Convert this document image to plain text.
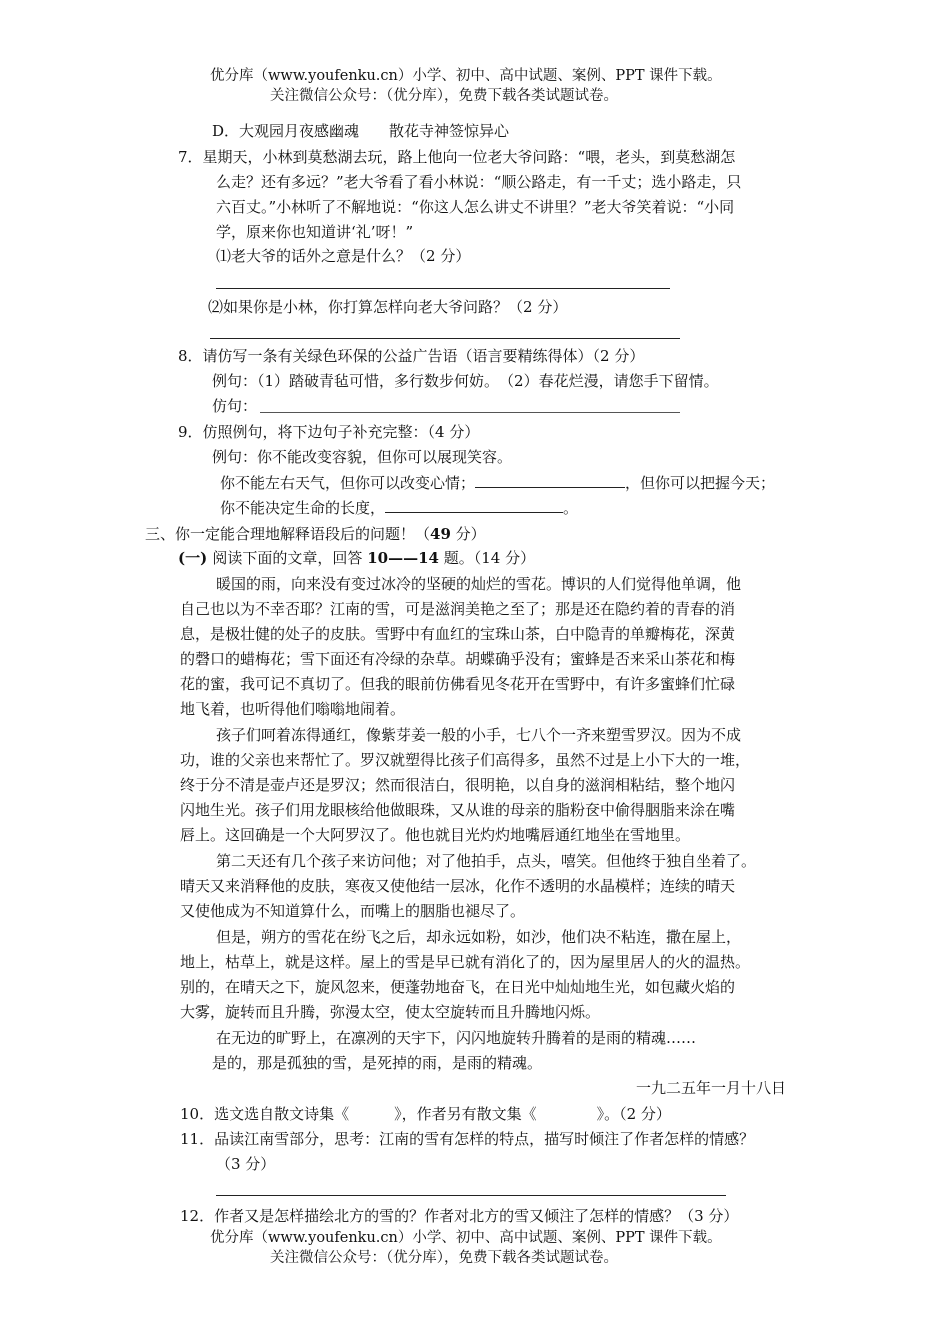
优分库（www.youfenku.cn）小学、初中、高中试题、案例、PPT 课件下载。
关注微信公众号：（优分库），免费下载各类试题试卷。
D．大观园月夜感幽魂　　散花寺神签惊异心
7．星期天，小林到莫愁湖去玩，路上他向一位老大爷问路：“喂，老头，到莫愁湖怎
么走？还有多远？”老大爷看了看小林说：“顺公路走，有一千丈；选小路走，只
六百丈。”小林听了不解地说：“你这人怎么讲丈不讲里？”老大爷笑着说：“小同
学，原来你也知道讲‘礼’呀！”
⑴老大爷的话外之意是什么？（2 分）
⑵如果你是小林，你打算怎样向老大爷问路？（2 分）
8．请仿写一条有关绿色环保的公益广告语（语言要精练得体）（2 分）
例句：（1）踏破青毡可惜，多行数步何妨。　（2）春花烂漫，请您手下留情。
仿句：
9．仿照例句，将下边句子补充完整：（4 分）
例句：你不能改变容貌，但你可以展现笑容。
你不能左右天气，但你可以改变心情；	，但你可以把握今天；
你不能决定生命的长度，	。
三、你一定能合理地解释语段后的问题！（49 分）
(一) 阅读下面的文章，回答 10——14 题。（14 分）
暖国的雨，向来没有变过冰冷的坚硬的灿烂的雪花。博识的人们觉得他单调，他
自己也以为不幸否耶？江南的雪，可是滋润美艳之至了；那是还在隐约着的青春的消
息，是极壮健的处子的皮肤。雪野中有血红的宝珠山茶，白中隐青的单瓣梅花，深黄
的磬口的蜡梅花；雪下面还有冷绿的杂草。胡蝶确乎没有；蜜蜂是否来采山茶花和梅
花的蜜，我可记不真切了。但我的眼前仿佛看见冬花开在雪野中，有许多蜜蜂们忙碌
地飞着，也听得他们嗡嗡地闹着。
孩子们呵着冻得通红，像紫芽姜一般的小手，七八个一齐来塑雪罗汉。因为不成
功，谁的父亲也来帮忙了。罗汉就塑得比孩子们高得多，虽然不过是上小下大的一堆，
终于分不清是壶卢还是罗汉；然而很洁白，很明艳，以自身的滋润相粘结，整个地闪
闪地生光。孩子们用龙眼核给他做眼珠，又从谁的母亲的脂粉奁中偷得胭脂来涂在嘴
唇上。这回确是一个大阿罗汉了。他也就目光灼灼地嘴唇通红地坐在雪地里。
第二天还有几个孩子来访问他；对了他拍手，点头，嘻笑。但他终于独自坐着了。
晴天又来消释他的皮肤，寒夜又使他结一层冰，化作不透明的水晶模样；连续的晴天
又使他成为不知道算什么，而嘴上的胭脂也褪尽了。
但是，朔方的雪花在纷飞之后，却永远如粉，如沙，他们决不粘连，撒在屋上，
地上，枯草上，就是这样。屋上的雪是早已就有消化了的，因为屋里居人的火的温热。
别的，在晴天之下，旋风忽来，便蓬勃地奋飞，在日光中灿灿地生光，如包藏火焰的
大雾，旋转而且升腾，弥漫太空，使太空旋转而且升腾地闪烁。
在无边的旷野上，在凛冽的天宇下，闪闪地旋转升腾着的是雨的精魂……
是的，那是孤独的雪，是死掉的雨，是雨的精魂。
一九二五年一月十八日
10．选文选自散文诗集《　　　》，作者另有散文集《　　　　》。（2 分）
11．品读江南雪部分，思考：江南的雪有怎样的特点，描写时倾注了作者怎样的情感？
（3 分）
12．作者又是怎样描绘北方的雪的？作者对北方的雪又倾注了怎样的情感？（3 分）
优分库（www.youfenku.cn）小学、初中、高中试题、案例、PPT 课件下载。
关注微信公众号：（优分库），免费下载各类试题试卷。
